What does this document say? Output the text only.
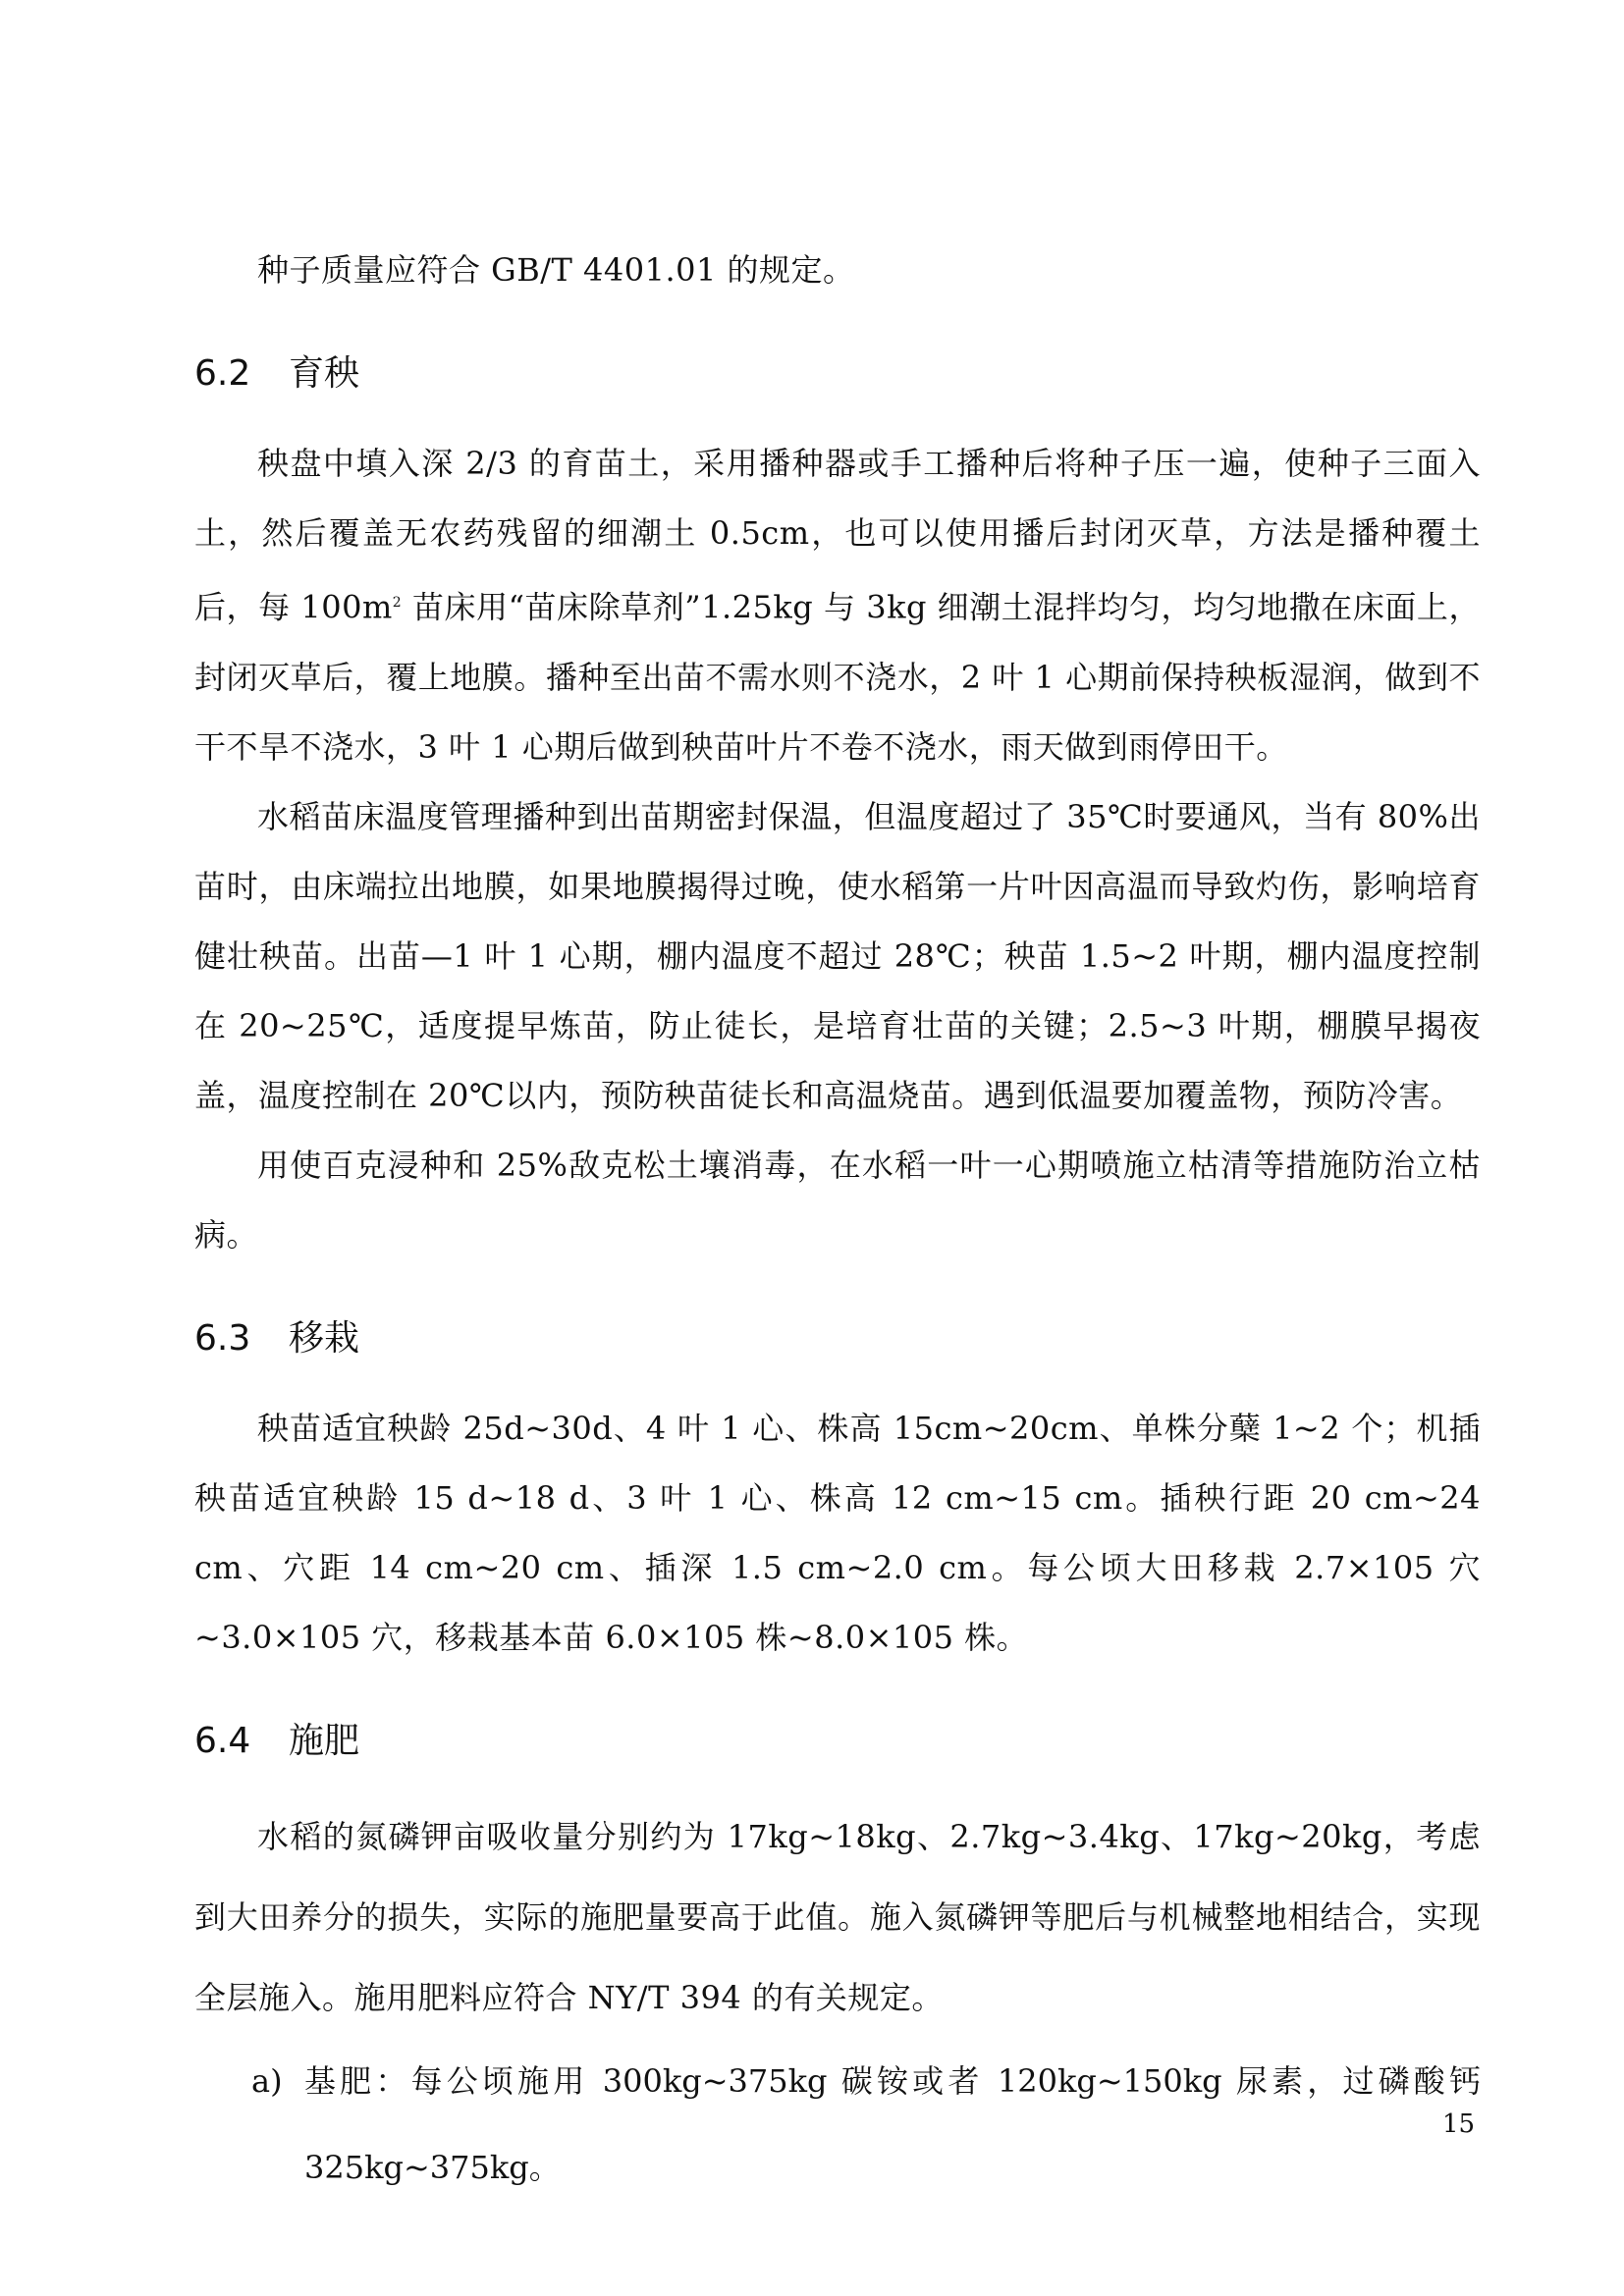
种子质量应符合 GB/T 4401.01 的规定。

6.2 育秧

秧盘中填入深 2/3 的育苗土，采用播种器或手工播种后将种子压一遍，使种子三面入土，然后覆盖无农药残留的细潮土 0.5cm，也可以使用播后封闭灭草，方法是播种覆土后，每 $100m^2$ 苗床用“苗床除草剂”1.25kg 与 3kg 细潮土混拌均匀，均匀地撒在床面上，封闭灭草后，覆上地膜。播种至出苗不需水则不浇水，2 叶 1 心期前保持秧板湿润，做到不干不旱不浇水，3 叶 1 心期后做到秧苗叶片不卷不浇水，雨天做到雨停田干。

水稻苗床温度管理播种到出苗期密封保温，但温度超过了 35℃时要通风，当有 80%出苗时，由床端拉出地膜，如果地膜揭得过晚，使水稻第一片叶因高温而导致灼伤，影响培育健壮秧苗。出苗—1 叶 1 心期，棚内温度不超过 28℃；秧苗 1.5~2 叶期，棚内温度控制在 20~25℃，适度提早炼苗，防止徒长，是培育壮苗的关键；2.5~3 叶期，棚膜早揭夜盖，温度控制在 20℃以内，预防秧苗徒长和高温烧苗。遇到低温要加覆盖物，预防冷害。

用使百克浸种和 25%敌克松土壤消毒，在水稻一叶一心期喷施立枯清等措施防治立枯病。

6.3 移栽

秧苗适宜秧龄 25d~30d、4 叶 1 心、株高 15cm~20cm、单株分蘖 1~2 个；机插秧苗适宜秧龄 15 d~18 d、3 叶 1 心、株高 12 cm~15 cm。插秧行距 20 cm~24 cm、穴距 14 cm~20 cm、插深 1.5 cm~2.0 cm。每公顷大田移栽 2.7×105 穴~3.0×105 穴，移栽基本苗 6.0×105 株~8.0×105 株。

6.4 施肥

水稻的氮磷钾亩吸收量分别约为 17kg~18kg、2.7kg~3.4kg、17kg~20kg，考虑到大田养分的损失，实际的施肥量要高于此值。施入氮磷钾等肥后与机械整地相结合，实现全层施入。施用肥料应符合 NY/T 394 的有关规定。

a) 基肥：每公顷施用 300kg~375kg 碳铵或者 120kg~150kg 尿素，过磷酸钙 325kg~375kg。
15
